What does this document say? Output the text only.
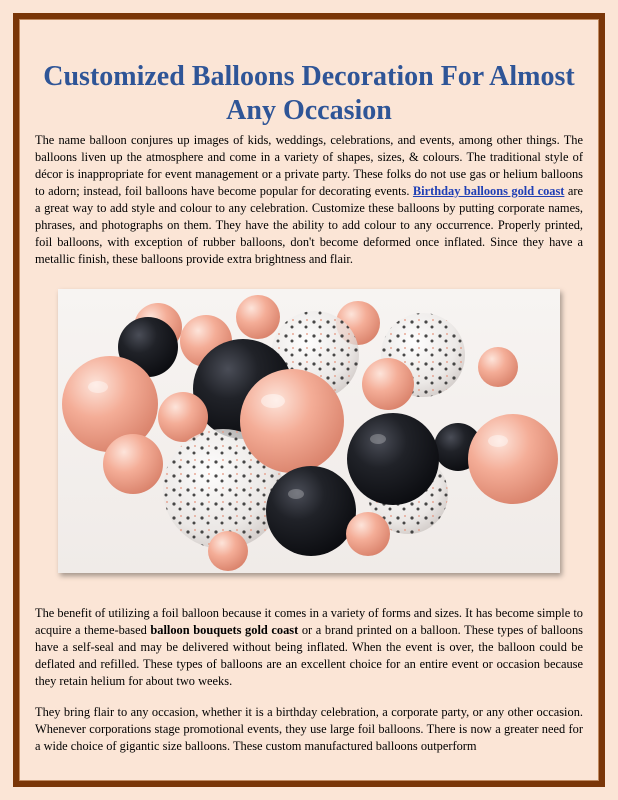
Customized Balloons Decoration For Almost Any Occasion

The name balloon conjures up images of kids, weddings, celebrations, and events, among other things. The balloons liven up the atmosphere and come in a variety of shapes, sizes, & colours. The traditional style of décor is inappropriate for event management or a private party. These folks do not use gas or helium balloons to adorn; instead, foil balloons have become popular for decorating events. Birthday balloons gold coast are a great way to add style and colour to any celebration. Customize these balloons by putting corporate names, phrases, and photographs on them. They have the ability to add colour to any occurrence. Properly printed, foil balloons, with exception of rubber balloons, don't become deformed once inflated. Since they have a metallic finish, these balloons provide extra brightness and flair.

The benefit of utilizing a foil balloon because it comes in a variety of forms and sizes. It has become simple to acquire a theme-based balloon bouquets gold coast or a brand printed on a balloon. These types of balloons have a self-seal and may be delivered without being inflated. When the event is over, the balloon could be deflated and refilled. These types of balloons are an excellent choice for an entire event or occasion because they retain helium for about two weeks.

They bring flair to any occasion, whether it is a birthday celebration, a corporate party, or any other occasion. Whenever corporations stage promotional events, they use large foil balloons. There is now a greater need for a wide choice of gigantic size balloons. These custom manufactured balloons outperform
